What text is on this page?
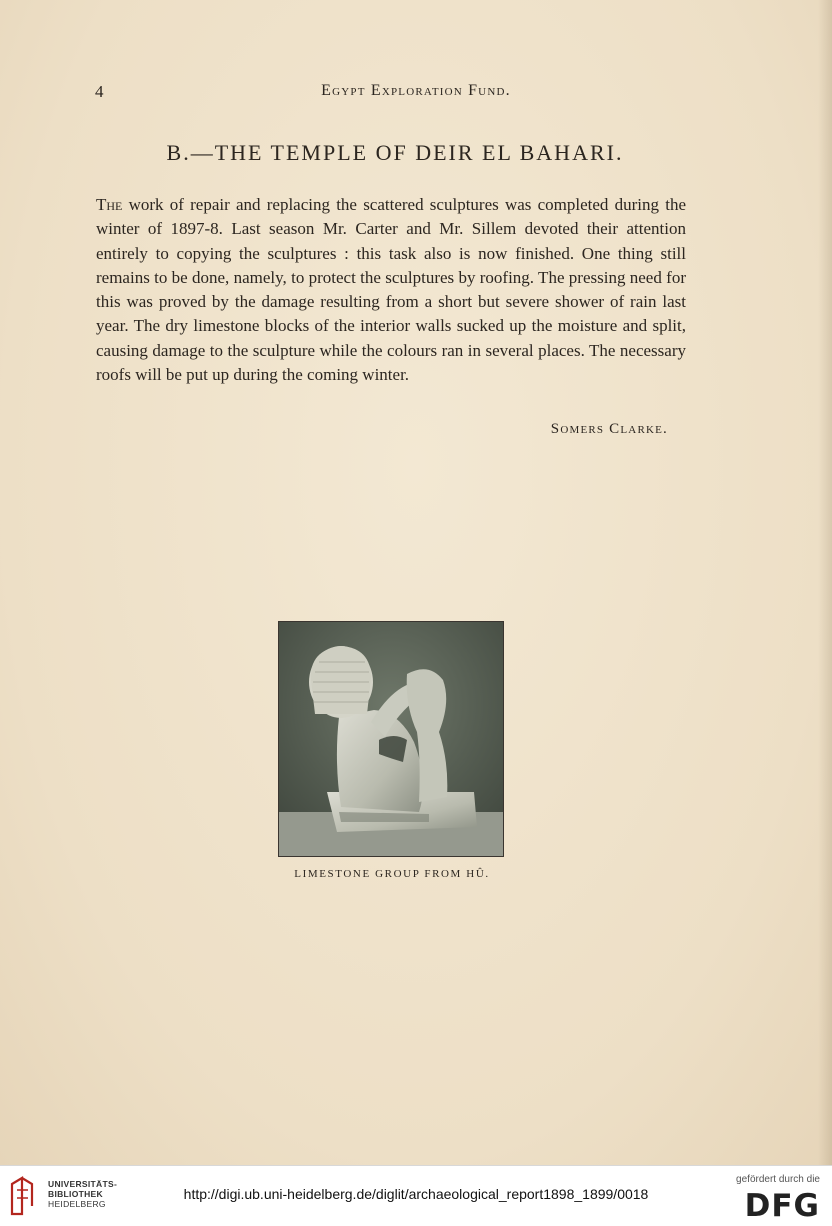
4	Egypt Exploration Fund.
B.—THE TEMPLE OF DEIR EL BAHARI.

The work of repair and replacing the scattered sculptures was completed during the winter of 1897-8. Last season Mr. Carter and Mr. Sillem devoted their attention entirely to copying the sculptures : this task also is now finished. One thing still remains to be done, namely, to protect the sculptures by roofing. The pressing need for this was proved by the damage resulting from a short but severe shower of rain last year. The dry limestone blocks of the interior walls sucked up the moisture and split, causing damage to the sculpture while the colours ran in several places. The necessary roofs will be put up during the coming winter.

Somers Clarke.
LIMESTONE GROUP FROM HÛ.
UNIVERSITÄTS-
BIBLIOTHEK
HEIDELBERG
http://digi.ub.uni-heidelberg.de/diglit/archaeological_report1898_1899/0018
gefördert durch die
DFG
